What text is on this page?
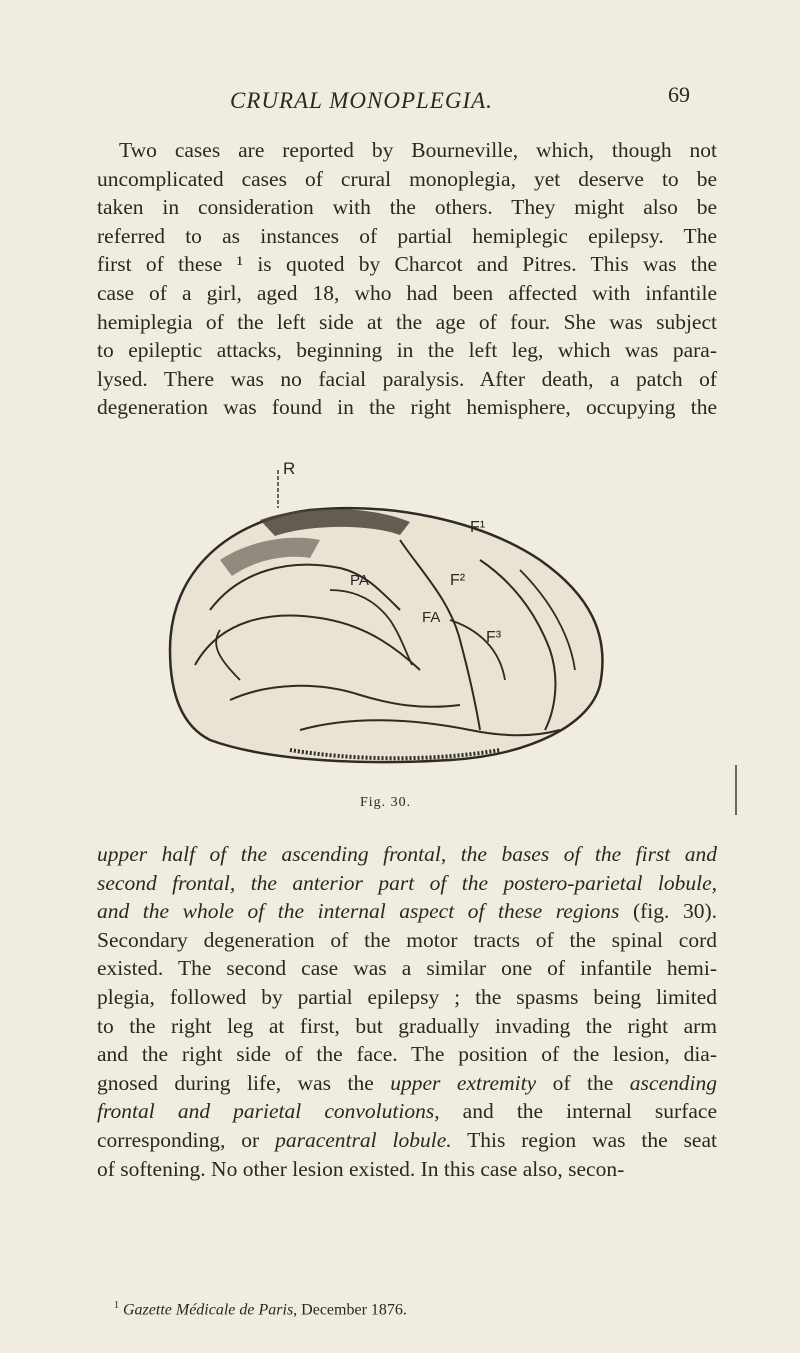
CRURAL MONOPLEGIA.	69
Two cases are reported by Bourneville, which, though not
uncomplicated cases of crural monoplegia, yet deserve to be
taken in consideration with the others. They might also be
referred to as instances of partial hemiplegic epilepsy. The
first of these ¹ is quoted by Charcot and Pitres. This was the
case of a girl, aged 18, who had been affected with infantile
hemiplegia of the left side at the age of four. She was subject
to epileptic attacks, beginning in the left leg, which was para-
lysed. There was no facial paralysis. After death, a patch of
degeneration was found in the right hemisphere, occupying the
R
F¹
F²
F³
PA
FA
Fig. 30.
upper half of the ascending frontal, the bases of the first and
second frontal, the anterior part of the postero-parietal lobule,
and the whole of the internal aspect of these regions (fig. 30).
Secondary degeneration of the motor tracts of the spinal cord
existed. The second case was a similar one of infantile hemi-
plegia, followed by partial epilepsy ; the spasms being limited
to the right leg at first, but gradually invading the right arm
and the right side of the face. The position of the lesion, dia-
gnosed during life, was the upper extremity of the ascending
frontal and parietal convolutions, and the internal surface
corresponding, or paracentral lobule. This region was the seat
of softening. No other lesion existed. In this case also, secon-
$^1$ Gazette Médicale de Paris, December 1876.
